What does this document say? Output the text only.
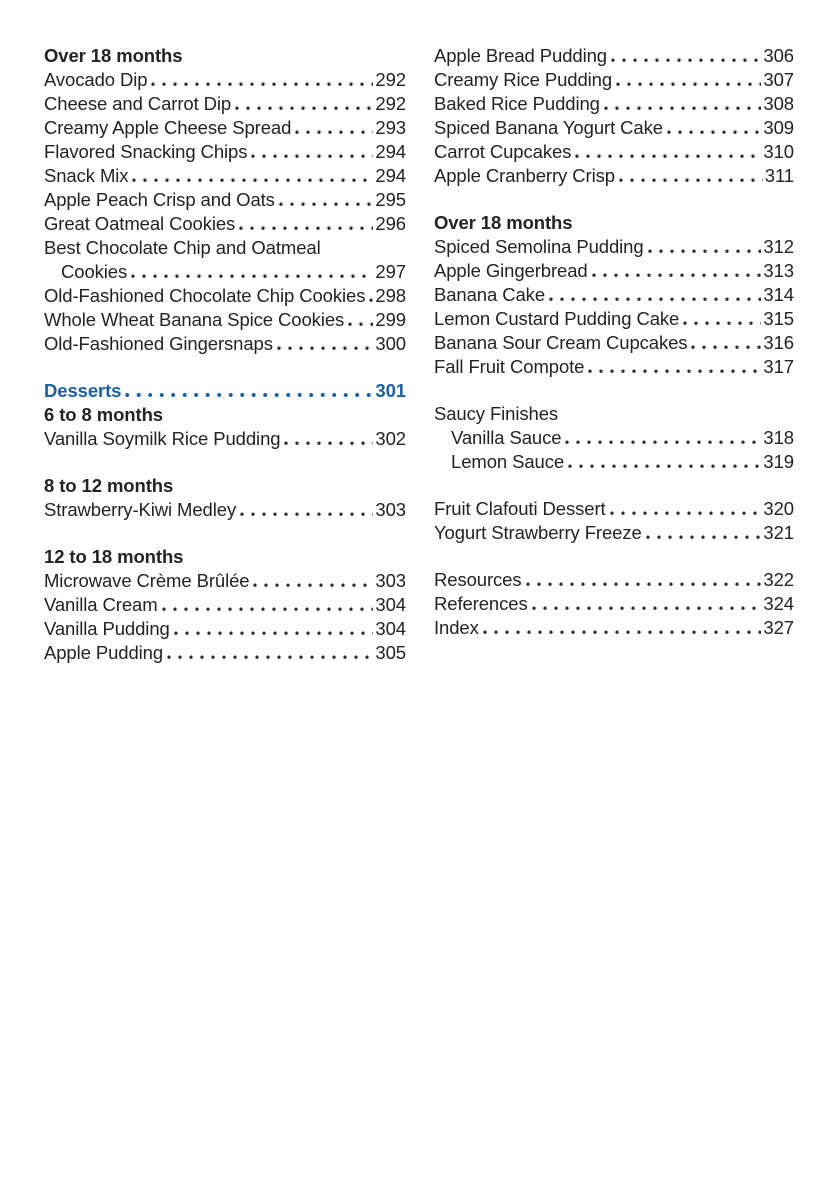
Over 18 months
Avocado Dip	292
Cheese and Carrot Dip	292
Creamy Apple Cheese Spread	293
Flavored Snacking Chips	294
Snack Mix	294
Apple Peach Crisp and Oats	295
Great Oatmeal Cookies	296
Best Chocolate Chip and Oatmeal
Cookies	297
Old-Fashioned Chocolate Chip Cookies 298
Whole Wheat Banana Spice Cookies 299
Old-Fashioned Gingersnaps	300
Desserts	301
6 to 8 months
Vanilla Soymilk Rice Pudding	302
8 to 12 months
Strawberry-Kiwi Medley	303
12 to 18 months
Microwave Crème Brûlée	303
Vanilla Cream	304
Vanilla Pudding	304
Apple Pudding	305
Apple Bread Pudding	306
Creamy Rice Pudding	307
Baked Rice Pudding	308
Spiced Banana Yogurt Cake	309
Carrot Cupcakes	310
Apple Cranberry Crisp	311
Over 18 months
Spiced Semolina Pudding	312
Apple Gingerbread	313
Banana Cake	314
Lemon Custard Pudding Cake	315
Banana Sour Cream Cupcakes	316
Fall Fruit Compote	317
Saucy Finishes
Vanilla Sauce	318
Lemon Sauce	319
Fruit Clafouti Dessert	320
Yogurt Strawberry Freeze	321
Resources	322
References	324
Index	327
